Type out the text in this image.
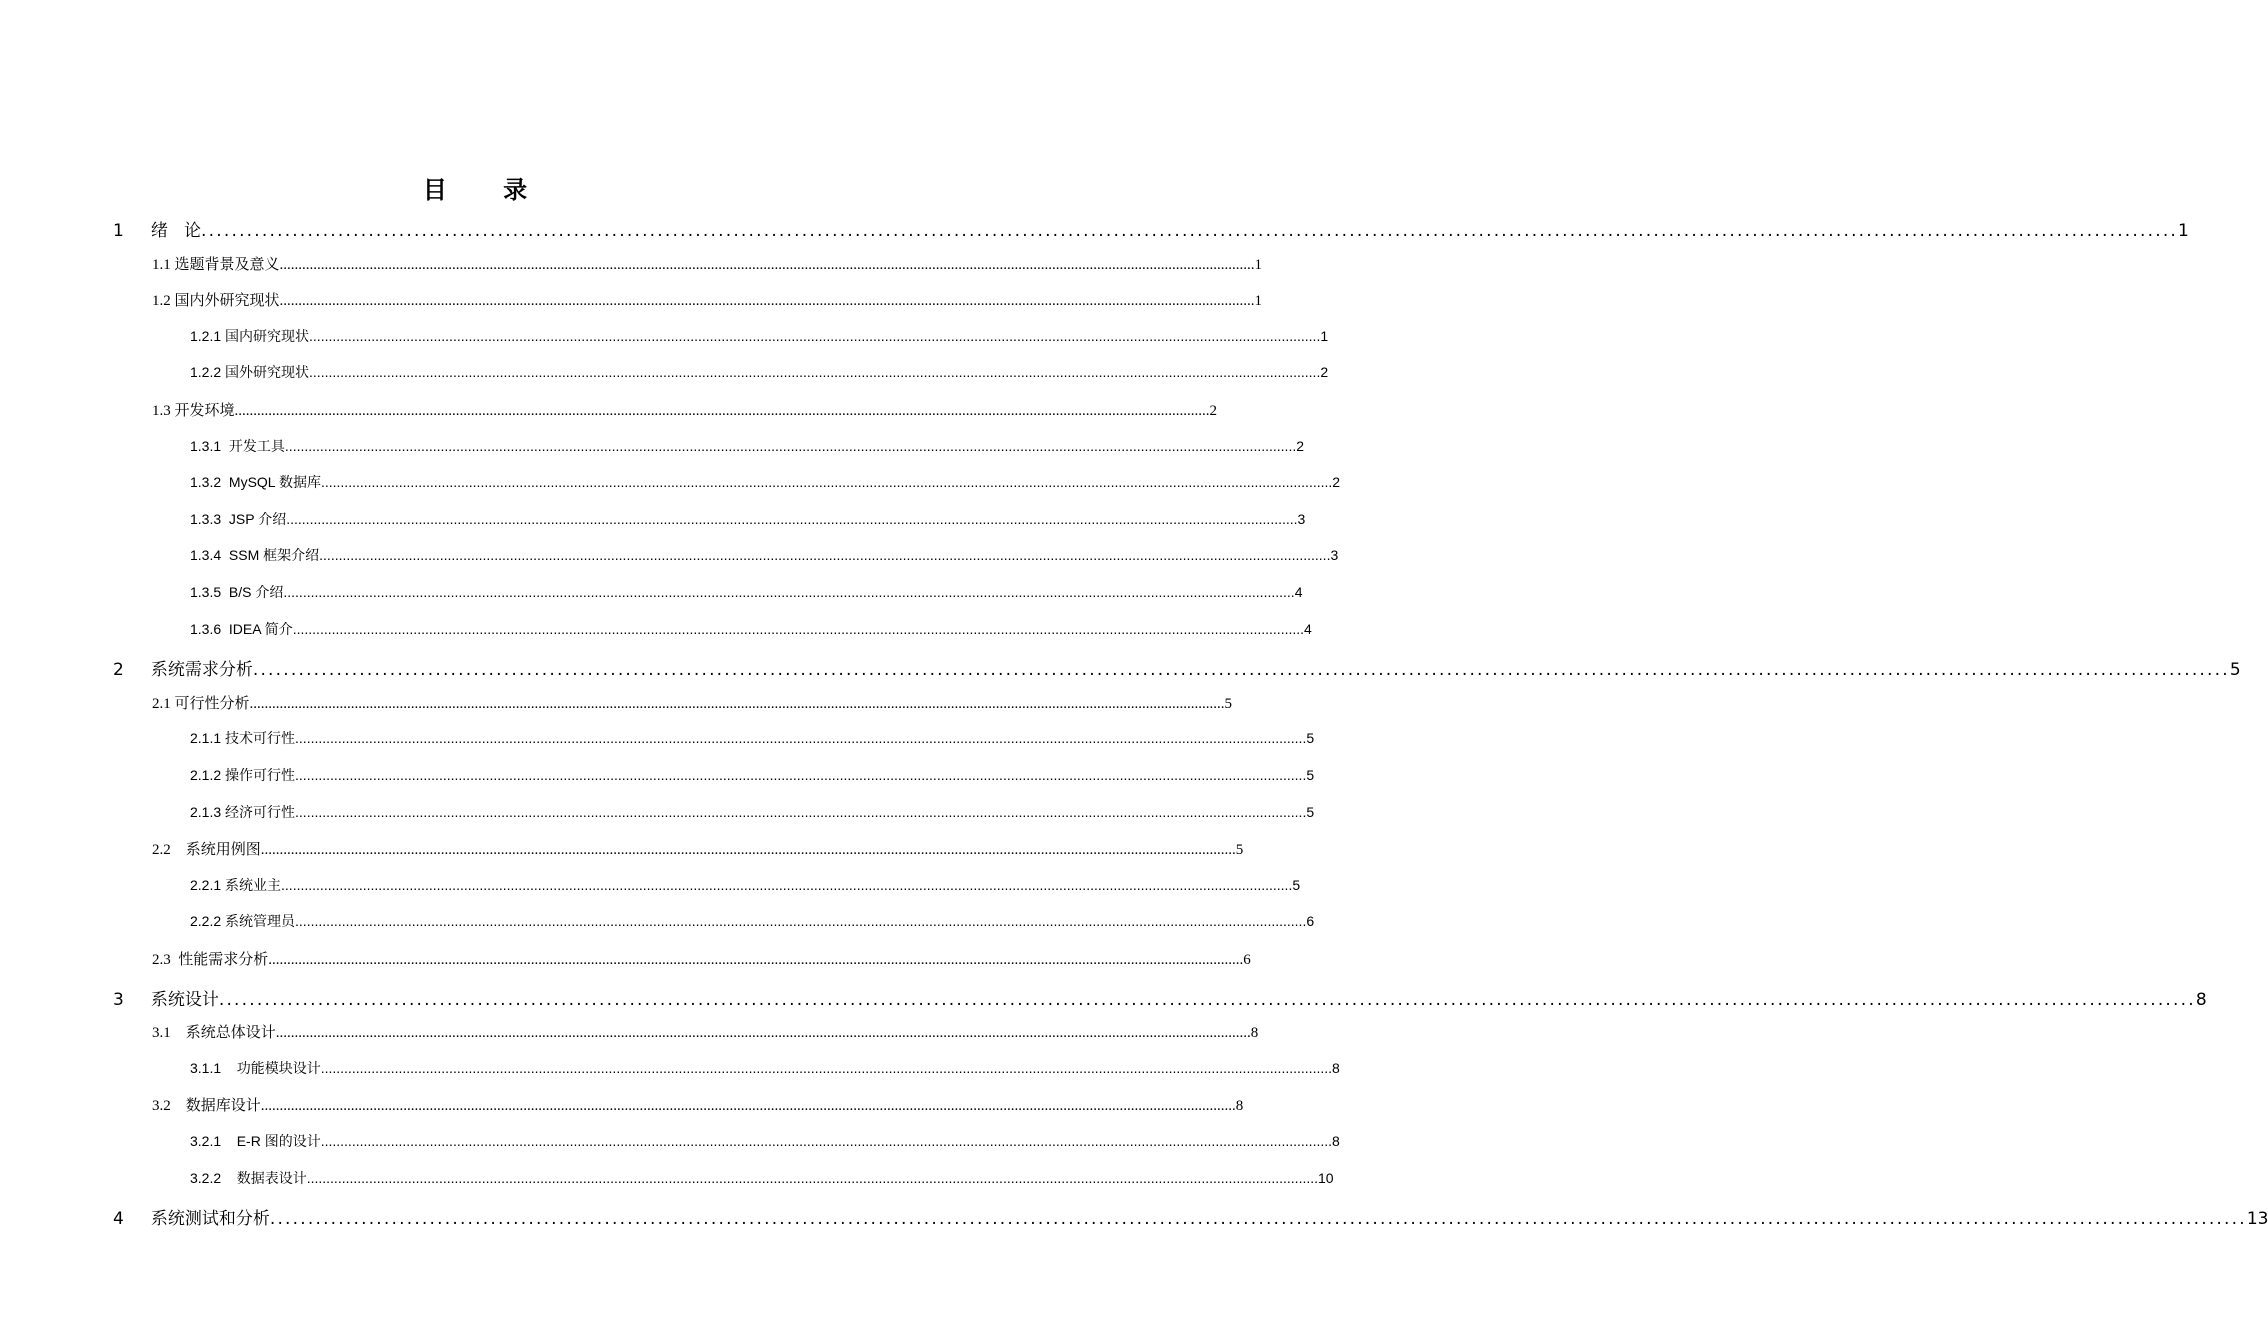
目 录
1     绪   论 .................................................................................................................................................................................................................................................................... 1
1.1 选题背景及意义 .................................................................................................................................................................................................................................................................... 1
1.2 国内外研究现状 .................................................................................................................................................................................................................................................................... 1
1.2.1 国内研究现状 .................................................................................................................................................................................................................................................................... 1
1.2.2 国外研究现状 .................................................................................................................................................................................................................................................................... 2
1.3 开发环境 .................................................................................................................................................................................................................................................................... 2
1.3.1  开发工具 .................................................................................................................................................................................................................................................................... 2
1.3.2  MySQL 数据库 .................................................................................................................................................................................................................................................................... 2
1.3.3  JSP 介绍 .................................................................................................................................................................................................................................................................... 3
1.3.4  SSM 框架介绍 .................................................................................................................................................................................................................................................................... 3
1.3.5  B/S 介绍 .................................................................................................................................................................................................................................................................... 4
1.3.6  IDEA 简介 .................................................................................................................................................................................................................................................................... 4
2     系统需求分析 .................................................................................................................................................................................................................................................................... 5
2.1 可行性分析 .................................................................................................................................................................................................................................................................... 5
2.1.1 技术可行性 .................................................................................................................................................................................................................................................................... 5
2.1.2 操作可行性 .................................................................................................................................................................................................................................................................... 5
2.1.3 经济可行性 .................................................................................................................................................................................................................................................................... 5
2.2    系统用例图 .................................................................................................................................................................................................................................................................... 5
2.2.1 系统业主 .................................................................................................................................................................................................................................................................... 5
2.2.2 系统管理员 .................................................................................................................................................................................................................................................................... 6
2.3  性能需求分析 .................................................................................................................................................................................................................................................................... 6
3     系统设计 .................................................................................................................................................................................................................................................................... 8
3.1    系统总体设计 .................................................................................................................................................................................................................................................................... 8
3.1.1    功能模块设计 .................................................................................................................................................................................................................................................................... 8
3.2    数据库设计 .................................................................................................................................................................................................................................................................... 8
3.2.1    E-R 图的设计 .................................................................................................................................................................................................................................................................... 8
3.2.2    数据表设计 .................................................................................................................................................................................................................................................................... 10
4     系统测试和分析 .................................................................................................................................................................................................................................................................... 13
